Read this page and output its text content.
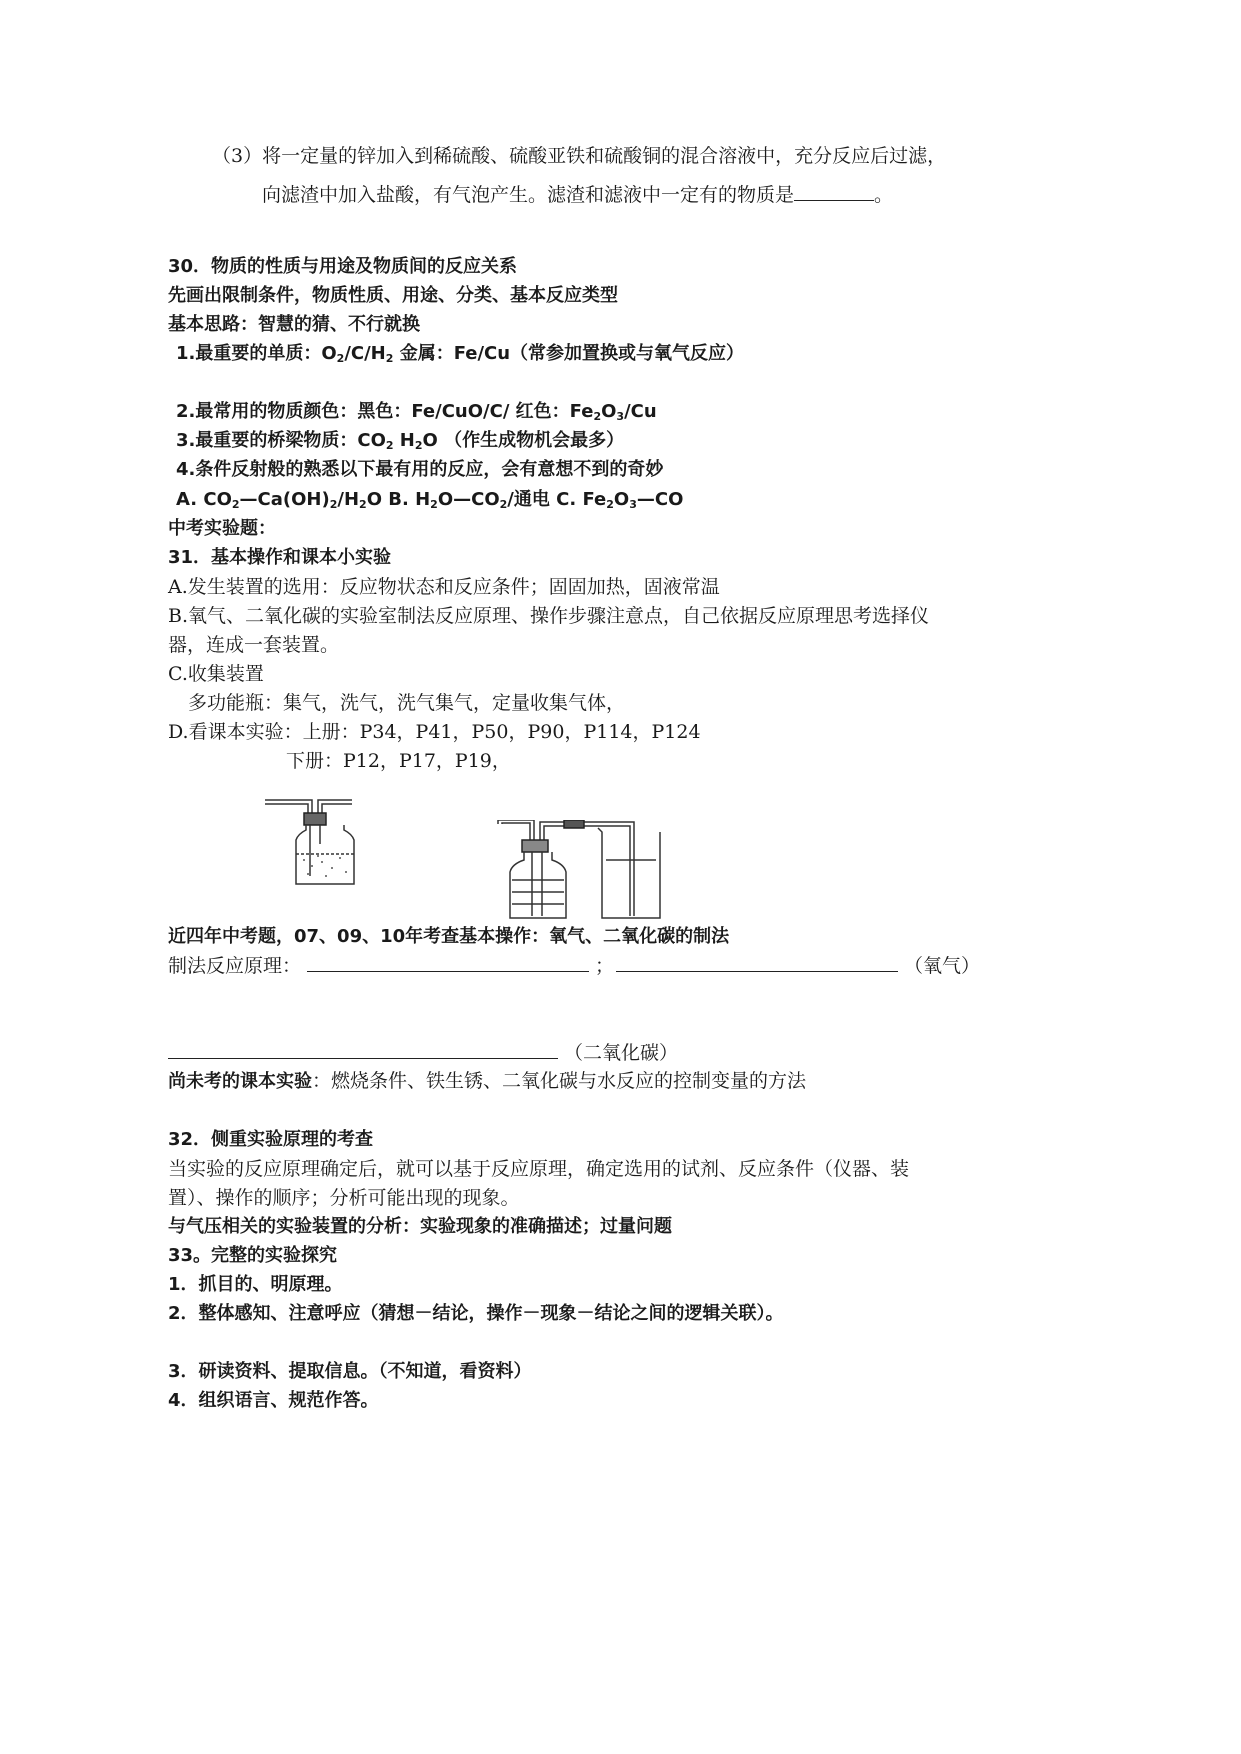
（3）将一定量的锌加入到稀硫酸、硫酸亚铁和硫酸铜的混合溶液中，充分反应后过滤，
向滤渣中加入盐酸，有气泡产生。滤渣和滤液中一定有的物质是	。
30．物质的性质与用途及物质间的反应关系
先画出限制条件，物质性质、用途、分类、基本反应类型
基本思路：智慧的猜、不行就换
1.最重要的单质：$O_2/C/H_2$ 金属：Fe/Cu（常参加置换或与氧气反应）
2.最常用的物质颜色：黑色：Fe/CuO/C/ 红色：$Fe_2O_3/Cu$
3.最重要的桥梁物质：$CO_2$ $H_2O$ （作生成物机会最多）
4.条件反射般的熟悉以下最有用的反应，会有意想不到的奇妙
A. $CO_2—Ca(OH)_2/H_2O$ B. $H_2O—CO_2/$通电 C. $Fe_2O_3—CO$
中考实验题：
31．基本操作和课本小实验
A.发生装置的选用：反应物状态和反应条件；固固加热，固液常温
B.氧气、二氧化碳的实验室制法反应原理、操作步骤注意点，自己依据反应原理思考选择仪
器，连成一套装置。
C.收集装置
多功能瓶：集气，洗气，洗气集气，定量收集气体，
D.看课本实验：上册：P34，P41，P50，P90，P114，P124
下册：P12，P17，P19，
近四年中考题，07、09、10年考查基本操作：氧气、二氧化碳的制法
制法反应原理：	；	（氧气）
（二氧化碳）
尚未考的课本实验：燃烧条件、铁生锈、二氧化碳与水反应的控制变量的方法
32．侧重实验原理的考查
当实验的反应原理确定后，就可以基于反应原理，确定选用的试剂、反应条件（仪器、装
置）、操作的顺序；分析可能出现的现象。
与气压相关的实验装置的分析：实验现象的准确描述；过量问题
33。完整的实验探究
1．抓目的、明原理。
2．整体感知、注意呼应（猜想－结论，操作－现象－结论之间的逻辑关联）。
3．研读资料、提取信息。（不知道，看资料）
4．组织语言、规范作答。
